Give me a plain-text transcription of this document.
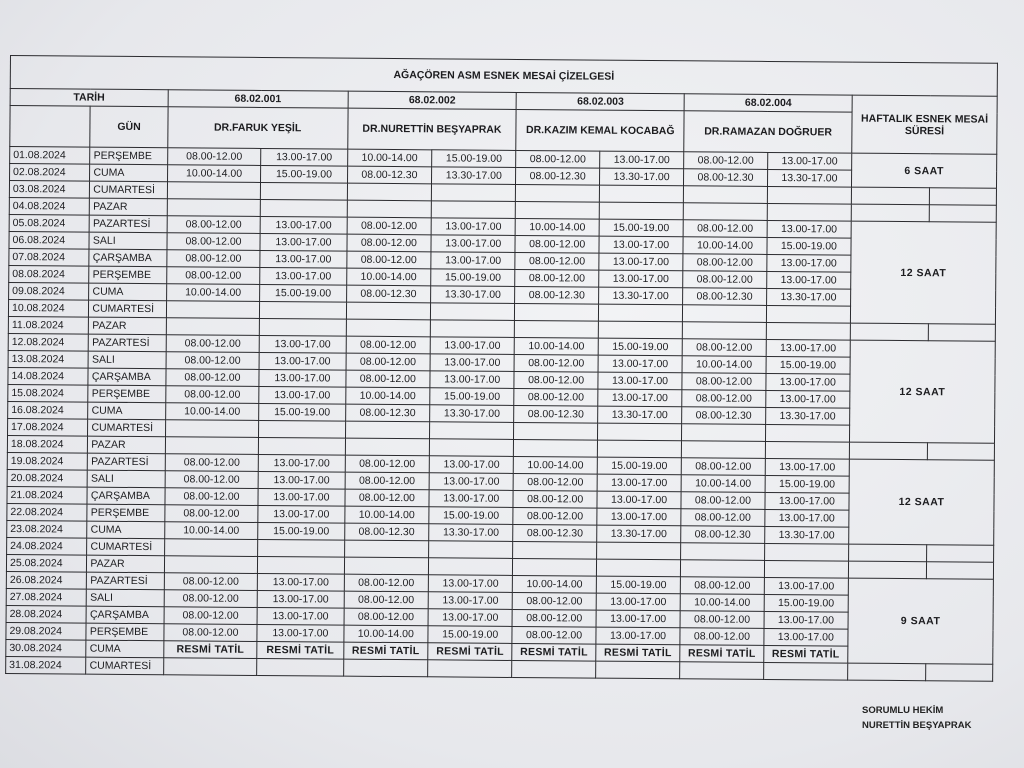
AĞAÇÖREN ASM ESNEK MESAİ ÇİZELGESİ											
TARİH		68.02.001		68.02.002		68.02.003		68.02.004		HAFTALIK ESNEK MESAİ SÜRESİ	
	GÜN	DR.FARUK YEŞİL		DR.NURETTİN BEŞYAPRAK		DR.KAZIM KEMAL KOCABAĞ		DR.RAMAZAN DOĞRUER			
01.08.2024	PERŞEMBE	08.00-12.00	13.00-17.00	10.00-14.00	15.00-19.00	08.00-12.00	13.00-17.00	08.00-12.00	13.00-17.00	6 SAAT	
02.08.2024	CUMA	10.00-14.00	15.00-19.00	08.00-12.30	13.30-17.00	08.00-12.30	13.30-17.00	08.00-12.30	13.30-17.00		
03.08.2024	CUMARTESİ										
04.08.2024	PAZAR										
05.08.2024	PAZARTESİ	08.00-12.00	13.00-17.00	08.00-12.00	13.00-17.00	10.00-14.00	15.00-19.00	08.00-12.00	13.00-17.00	12 SAAT	
06.08.2024	SALI	08.00-12.00	13.00-17.00	08.00-12.00	13.00-17.00	08.00-12.00	13.00-17.00	10.00-14.00	15.00-19.00		
07.08.2024	ÇARŞAMBA	08.00-12.00	13.00-17.00	08.00-12.00	13.00-17.00	08.00-12.00	13.00-17.00	08.00-12.00	13.00-17.00		
08.08.2024	PERŞEMBE	08.00-12.00	13.00-17.00	10.00-14.00	15.00-19.00	08.00-12.00	13.00-17.00	08.00-12.00	13.00-17.00		
09.08.2024	CUMA	10.00-14.00	15.00-19.00	08.00-12.30	13.30-17.00	08.00-12.30	13.30-17.00	08.00-12.30	13.30-17.00		
10.08.2024	CUMARTESİ										
11.08.2024	PAZAR										
12.08.2024	PAZARTESİ	08.00-12.00	13.00-17.00	08.00-12.00	13.00-17.00	10.00-14.00	15.00-19.00	08.00-12.00	13.00-17.00	12 SAAT	
13.08.2024	SALI	08.00-12.00	13.00-17.00	08.00-12.00	13.00-17.00	08.00-12.00	13.00-17.00	10.00-14.00	15.00-19.00		
14.08.2024	ÇARŞAMBA	08.00-12.00	13.00-17.00	08.00-12.00	13.00-17.00	08.00-12.00	13.00-17.00	08.00-12.00	13.00-17.00		
15.08.2024	PERŞEMBE	08.00-12.00	13.00-17.00	10.00-14.00	15.00-19.00	08.00-12.00	13.00-17.00	08.00-12.00	13.00-17.00		
16.08.2024	CUMA	10.00-14.00	15.00-19.00	08.00-12.30	13.30-17.00	08.00-12.30	13.30-17.00	08.00-12.30	13.30-17.00		
17.08.2024	CUMARTESİ										
18.08.2024	PAZAR										
19.08.2024	PAZARTESİ	08.00-12.00	13.00-17.00	08.00-12.00	13.00-17.00	10.00-14.00	15.00-19.00	08.00-12.00	13.00-17.00	12 SAAT	
20.08.2024	SALI	08.00-12.00	13.00-17.00	08.00-12.00	13.00-17.00	08.00-12.00	13.00-17.00	10.00-14.00	15.00-19.00		
21.08.2024	ÇARŞAMBA	08.00-12.00	13.00-17.00	08.00-12.00	13.00-17.00	08.00-12.00	13.00-17.00	08.00-12.00	13.00-17.00		
22.08.2024	PERŞEMBE	08.00-12.00	13.00-17.00	10.00-14.00	15.00-19.00	08.00-12.00	13.00-17.00	08.00-12.00	13.00-17.00		
23.08.2024	CUMA	10.00-14.00	15.00-19.00	08.00-12.30	13.30-17.00	08.00-12.30	13.30-17.00	08.00-12.30	13.30-17.00		
24.08.2024	CUMARTESİ										
25.08.2024	PAZAR										
26.08.2024	PAZARTESİ	08.00-12.00	13.00-17.00	08.00-12.00	13.00-17.00	10.00-14.00	15.00-19.00	08.00-12.00	13.00-17.00	9 SAAT	
27.08.2024	SALI	08.00-12.00	13.00-17.00	08.00-12.00	13.00-17.00	08.00-12.00	13.00-17.00	10.00-14.00	15.00-19.00		
28.08.2024	ÇARŞAMBA	08.00-12.00	13.00-17.00	08.00-12.00	13.00-17.00	08.00-12.00	13.00-17.00	08.00-12.00	13.00-17.00		
29.08.2024	PERŞEMBE	08.00-12.00	13.00-17.00	10.00-14.00	15.00-19.00	08.00-12.00	13.00-17.00	08.00-12.00	13.00-17.00		
30.08.2024	CUMA	RESMİ TATİL	RESMİ TATİL	RESMİ TATİL	RESMİ TATİL	RESMİ TATİL	RESMİ TATİL	RESMİ TATİL	RESMİ TATİL		
31.08.2024	CUMARTESİ										
SORUMLU HEKİM
NURETTİN BEŞYAPRAK
